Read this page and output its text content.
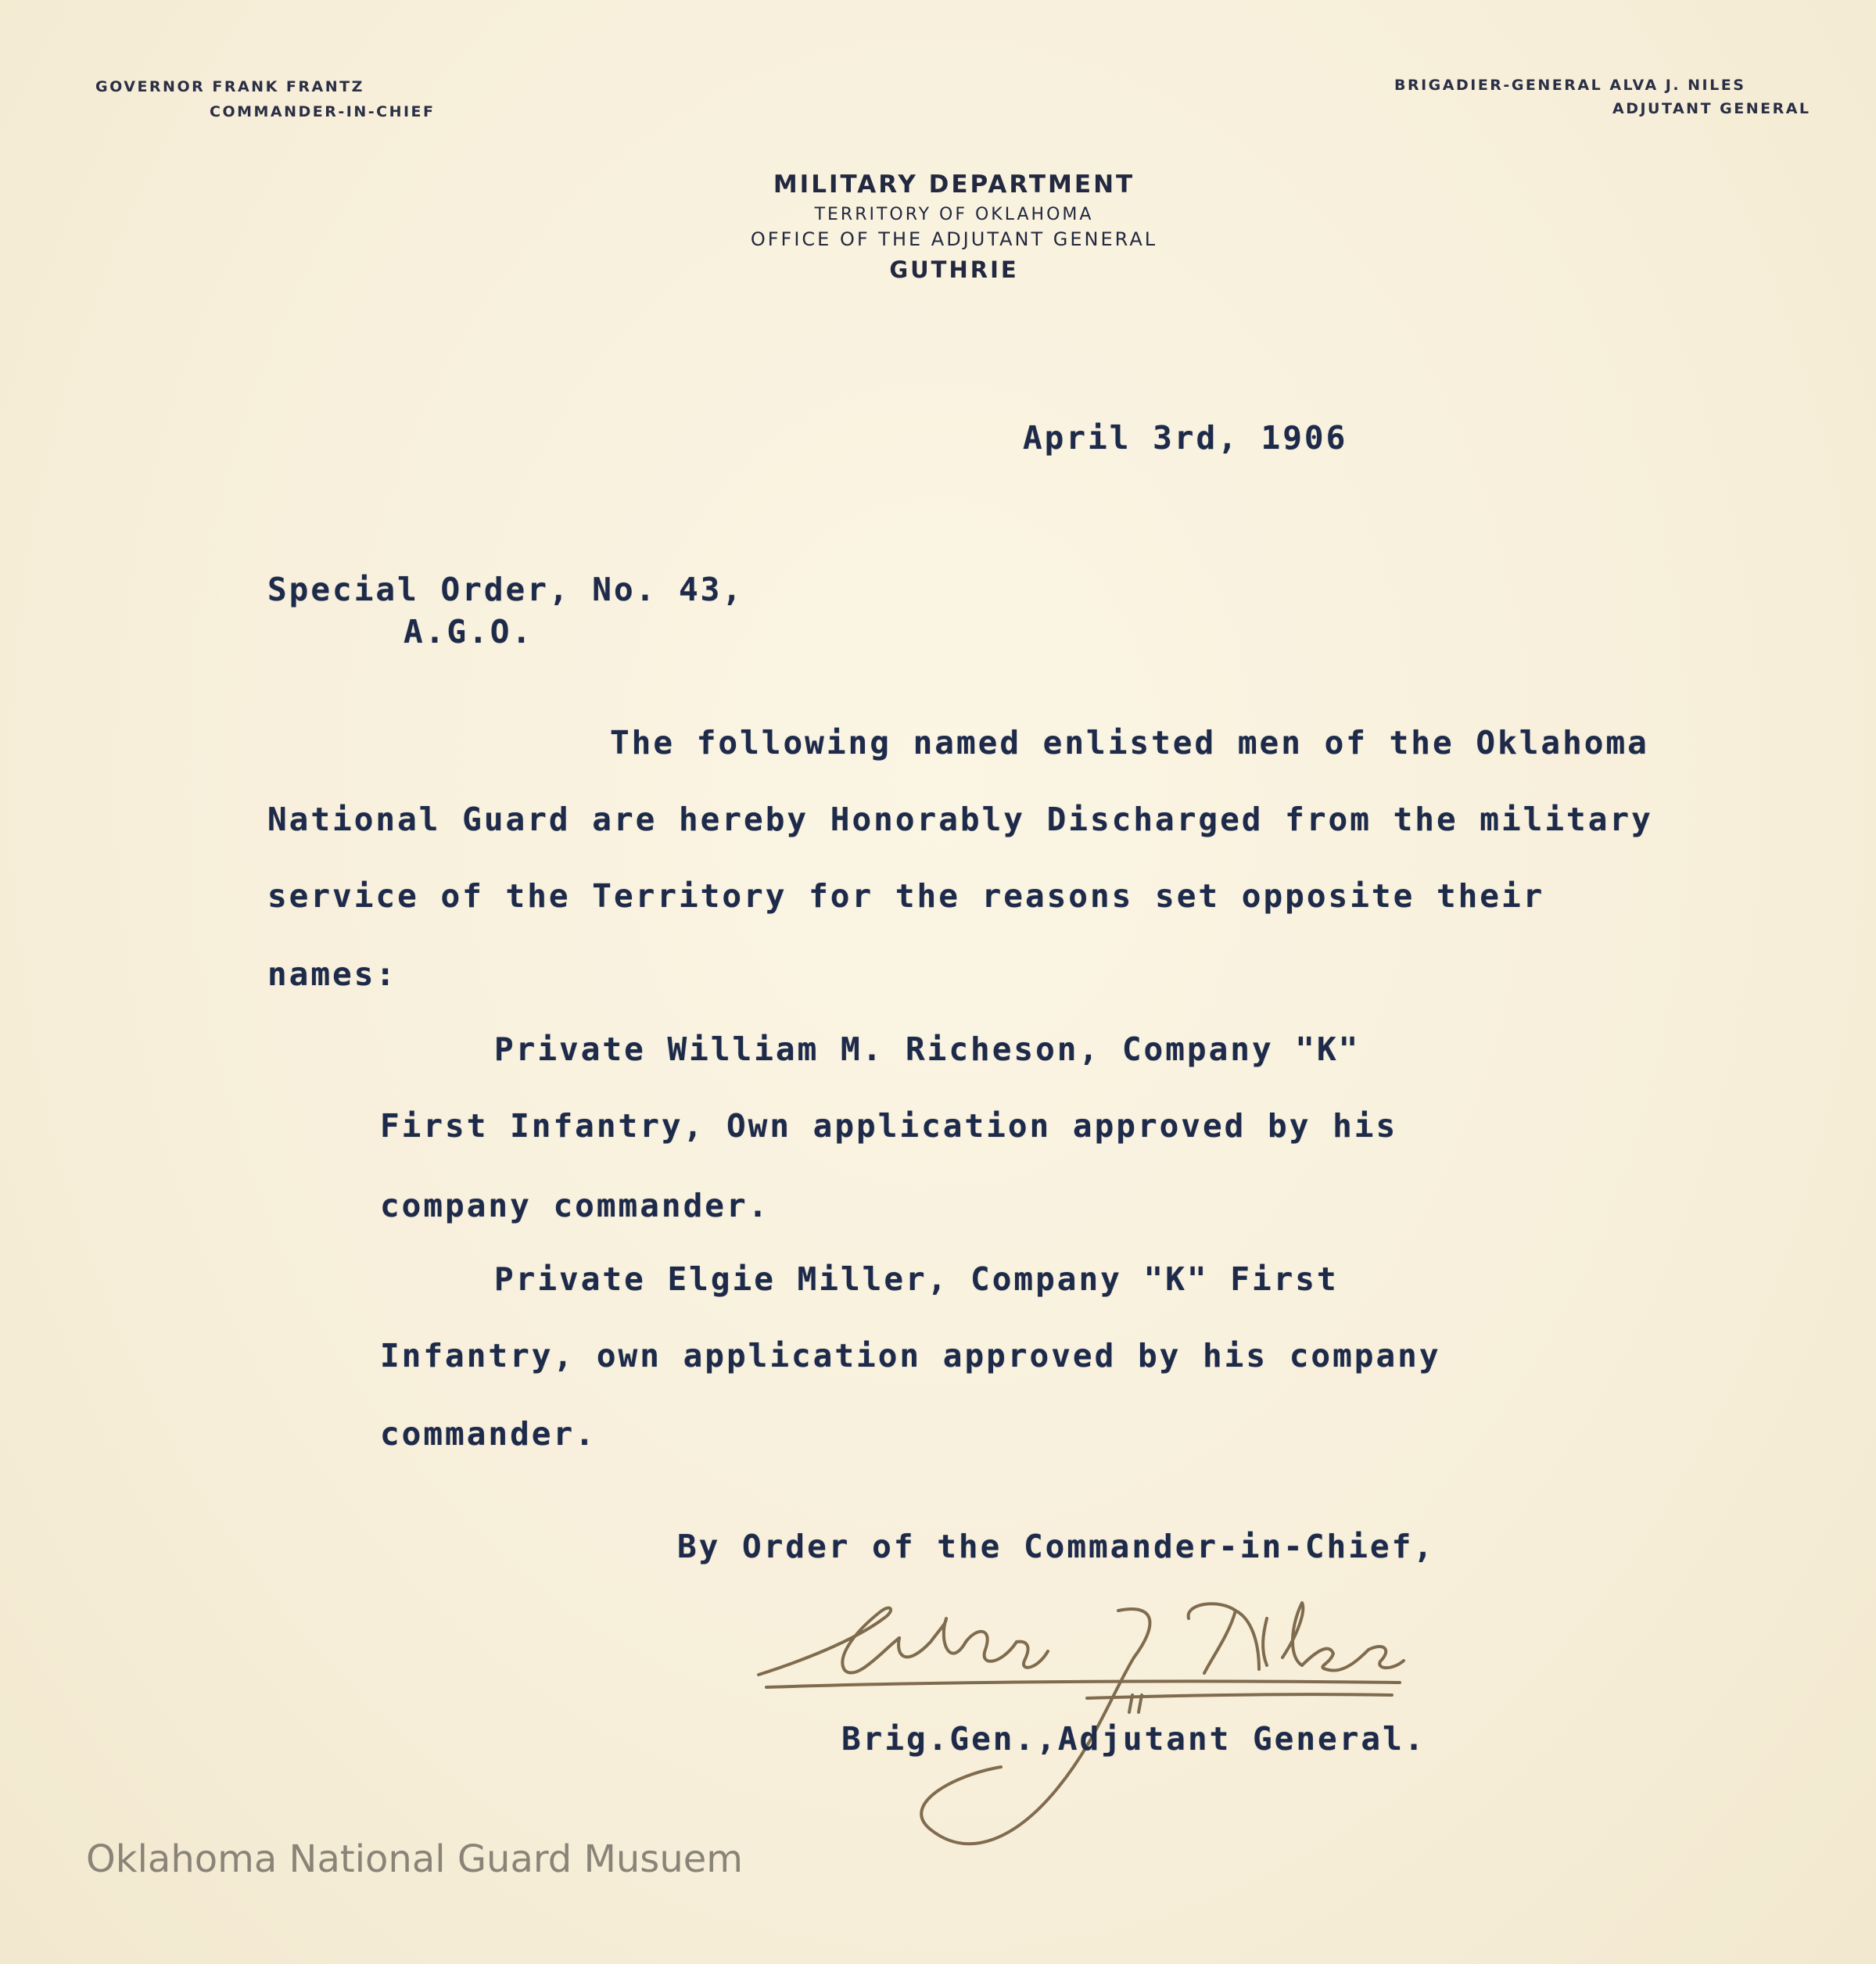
GOVERNOR FRANK FRANTZ
COMMANDER-IN-CHIEF
BRIGADIER-GENERAL ALVA J. NILES
ADJUTANT GENERAL
MILITARY DEPARTMENT
TERRITORY OF OKLAHOMA
OFFICE OF THE ADJUTANT GENERAL
GUTHRIE
April 3rd, 1906
Special Order, No. 43,
A.G.O.
The following named enlisted men of the Oklahoma
National Guard are hereby Honorably Discharged from the military
service of the Territory for the reasons set opposite their
names:
Private William M. Richeson, Company "K"
First Infantry, Own application approved by his
company commander.
Private Elgie Miller, Company "K" First
Infantry, own application approved by his company
commander.
By Order of the Commander-in-Chief,
Brig.Gen.,Adjutant General.
Oklahoma National Guard Musuem
